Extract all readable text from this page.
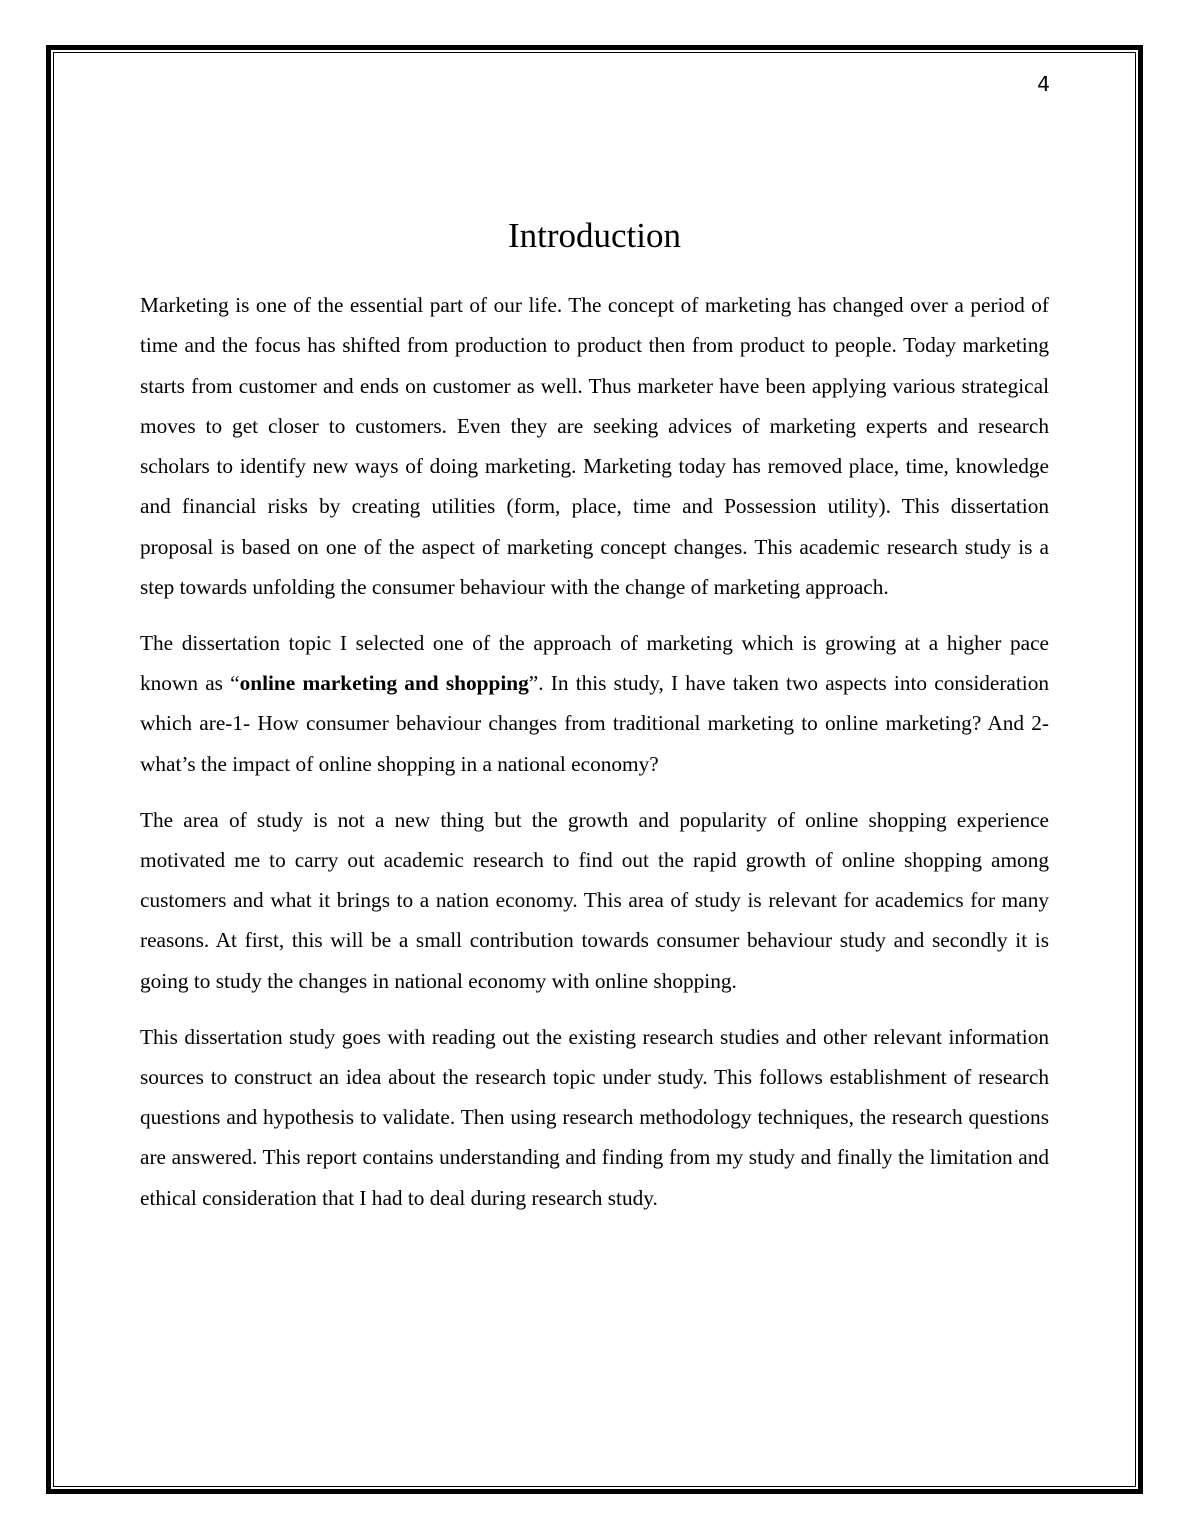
4
Introduction

Marketing is one of the essential part of our life. The concept of marketing has changed over a period of time and the focus has shifted from production to product then from product to people. Today marketing starts from customer and ends on customer as well. Thus marketer have been applying various strategical moves to get closer to customers. Even they are seeking advices of marketing experts and research scholars to identify new ways of doing marketing. Marketing today has removed place, time, knowledge and financial risks by creating utilities (form, place, time and Possession utility). This dissertation proposal is based on one of the aspect of marketing concept changes. This academic research study is a step towards unfolding the consumer behaviour with the change of marketing approach.

The dissertation topic I selected one of the approach of marketing which is growing at a higher pace known as “online marketing and shopping”. In this study, I have taken two aspects into consideration which are-1- How consumer behaviour changes from traditional marketing to online marketing? And 2- what’s the impact of online shopping in a national economy?

The area of study is not a new thing but the growth and popularity of online shopping experience motivated me to carry out academic research to find out the rapid growth of online shopping among customers and what it brings to a nation economy. This area of study is relevant for academics for many reasons. At first, this will be a small contribution towards consumer behaviour study and secondly it is going to study the changes in national economy with online shopping.

This dissertation study goes with reading out the existing research studies and other relevant information sources to construct an idea about the research topic under study. This follows establishment of research questions and hypothesis to validate. Then using research methodology techniques, the research questions are answered. This report contains understanding and finding from my study and finally the limitation and ethical consideration that I had to deal during research study.
